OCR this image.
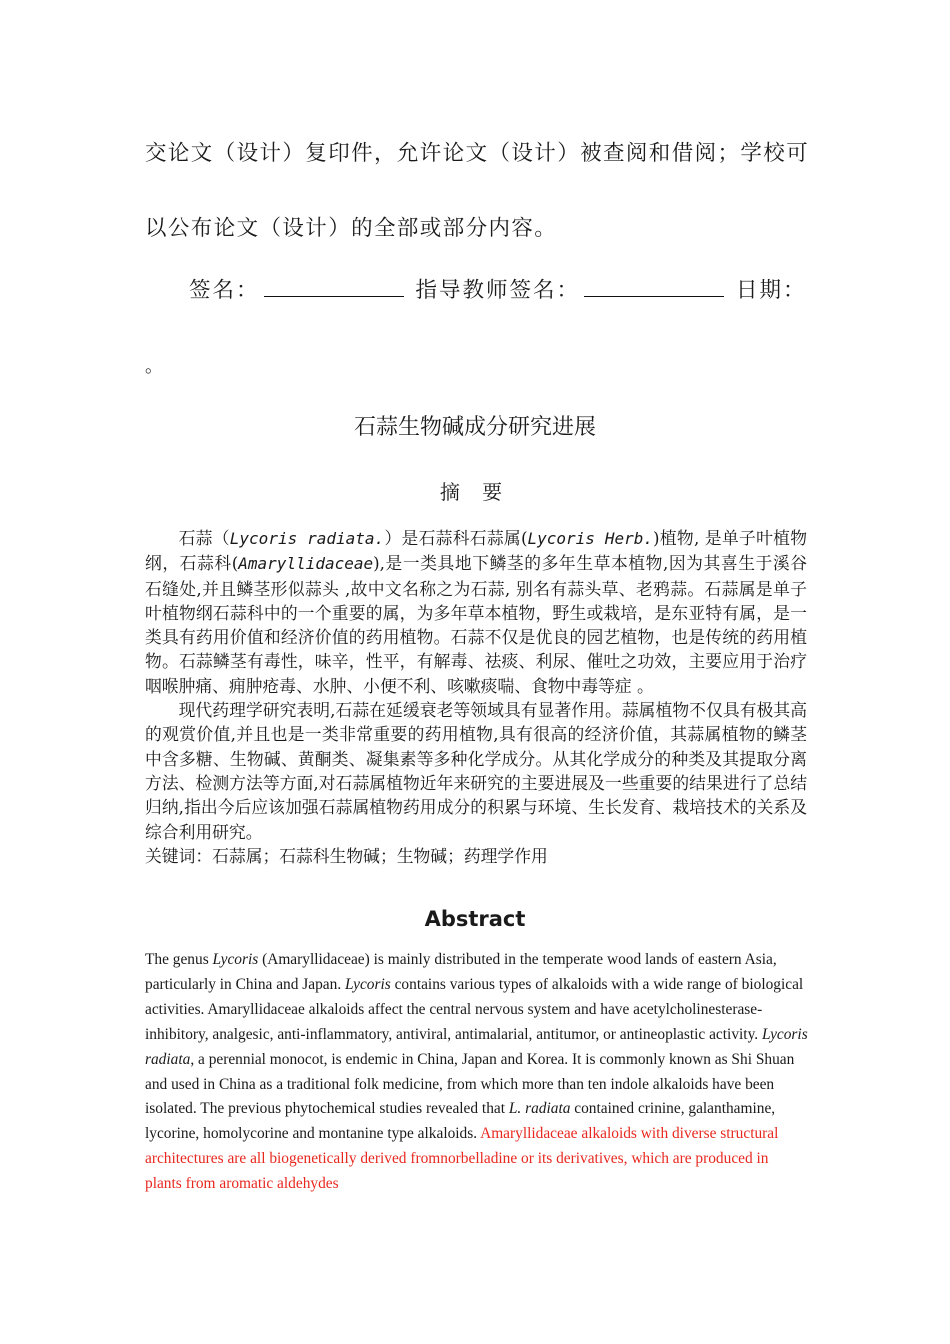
交论文（设计）复印件，允许论文（设计）被查阅和借阅；学校可
以公布论文（设计）的全部或部分内容。
签名：	指导教师签名：	日期：
。
石蒜生物碱成分研究进展
摘 要

石蒜（Lycoris radiata.）是石蒜科石蒜属(Lycoris Herb.)植物, 是单子叶植物纲，石蒜科(Amaryllidaceae),是一类具地下鳞茎的多年生草本植物,因为其喜生于溪谷石缝处,并且鳞茎形似蒜头 ,故中文名称之为石蒜, 别名有蒜头草、老鸦蒜。石蒜属是单子叶植物纲石蒜科中的一个重要的属，为多年草本植物，野生或栽培，是东亚特有属，是一类具有药用价值和经济价值的药用植物。石蒜不仅是优良的园艺植物，也是传统的药用植物。石蒜鳞茎有毒性，味辛，性平，有解毒、祛痰、利尿、催吐之功效，主要应用于治疗咽喉肿痛、痈肿疮毒、水肿、小便不利、咳嗽痰喘、食物中毒等症 。

现代药理学研究表明,石蒜在延缓衰老等领域具有显著作用。蒜属植物不仅具有极其高的观赏价值,并且也是一类非常重要的药用植物,具有很高的经济价值，其蒜属植物的鳞茎中含多糖、生物碱、黄酮类、凝集素等多种化学成分。从其化学成分的种类及其提取分离方法、检测方法等方面,对石蒜属植物近年来研究的主要进展及一些重要的结果进行了总结归纳,指出今后应该加强石蒜属植物药用成分的积累与环境、生长发育、栽培技术的关系及综合利用研究。

关键词：石蒜属；石蒜科生物碱；生物碱；药理学作用

Abstract
The genus Lycoris (Amaryllidaceae) is mainly distributed in the temperate wood lands of eastern Asia, particularly in China and Japan. Lycoris contains various types of alkaloids with a wide range of biological activities. Amaryllidaceae alkaloids affect the central nervous system and have acetylcholinesterase-inhibitory, analgesic, anti-inflammatory, antiviral, antimalarial, antitumor, or antineoplastic activity. Lycoris radiata, a perennial monocot, is endemic in China, Japan and Korea. It is commonly known as Shi Shuan and used in China as a traditional folk medicine, from which more than ten indole alkaloids have been isolated. The previous phytochemical studies revealed that L. radiata contained crinine, galanthamine, lycorine, homolycorine and montanine type alkaloids. Amaryllidaceae alkaloids with diverse structural architectures are all biogenetically derived fromnorbelladine or its derivatives, which are produced in plants from aromatic aldehydes
